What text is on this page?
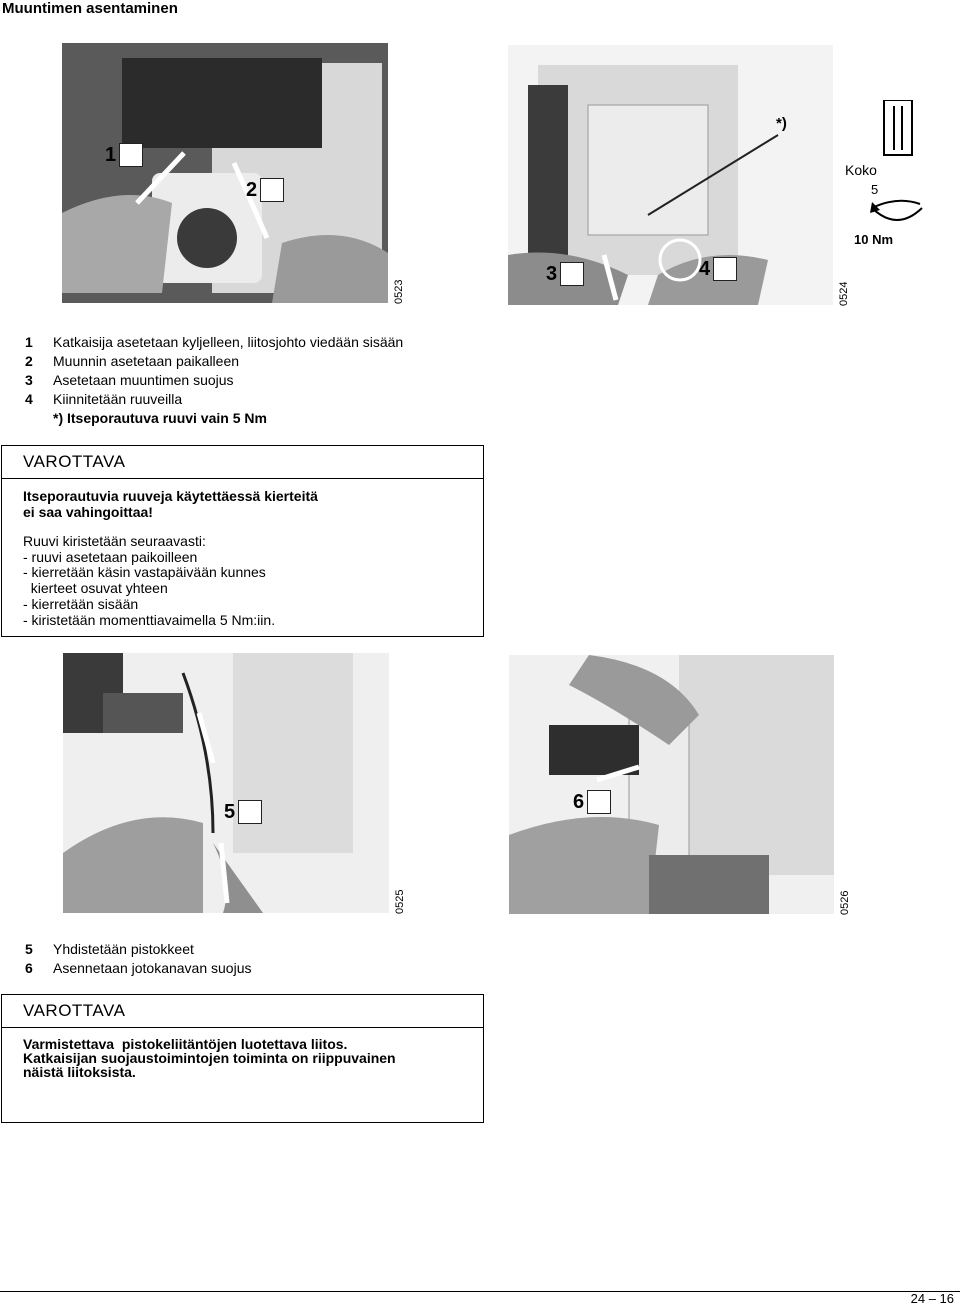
Muuntimen asentaminen
1
2
0523
3	4
*)
0524
Koko
5
10 Nm
1	Katkaisija asetetaan kyljelleen, liitosjohto viedään sisään
2	Muunnin asetetaan paikalleen
3	Asetetaan muuntimen suojus
4	Kiinnitetään ruuveilla
*) Itseporautuva ruuvi vain 5 Nm
VAROTTAVA
Itseporautuvia ruuveja käytettäessä kierteitä
ei saa vahingoittaa!
Ruuvi kiristetään seuraavasti:
- ruuvi asetetaan paikoilleen
- kierretään käsin vastapäivään kunnes
kierteet osuvat yhteen
- kierretään sisään
- kiristetään momenttiavaimella 5 Nm:iin.
5
0525
6
0526
5	Yhdistetään pistokkeet
6	Asennetaan jotokanavan suojus
VAROTTAVA
Varmistettava  pistokeliitäntöjen luotettava liitos.
Katkaisijan suojaustoimintojen toiminta on riippuvainen
näistä liitoksista.
24 – 16
